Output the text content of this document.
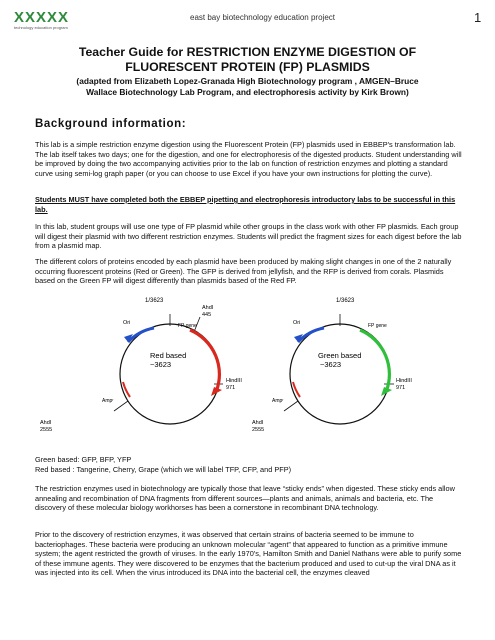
XXXXX
technology education program
east bay biotechnology education project	1
Teacher Guide for RESTRICTION ENZYME DIGESTION OF
FLUORESCENT PROTEIN (FP) PLASMIDS
(adapted from Elizabeth Lopez-Granada High Biotechnology program , AMGEN–Bruce
Wallace Biotechnology Lab Program, and electrophoresis activity by Kirk Brown)
Background information:

This lab is a simple restriction enzyme digestion using the Fluorescent Protein (FP) plasmids used in EBBEP's transformation lab. The lab itself takes two days; one for the digestion, and one for electrophoresis of the digested products. Student understanding will be improved by doing the two accompanying activities prior to the lab on function of restriction enzymes and plotting a standard curve using semi-log graph paper (or you can choose to use Excel if you have your own instructions for plotting the curve).

Students MUST have completed both the EBBEP pipetting and electrophoresis introductory labs to be successful in this lab.

In this lab, student groups will use one type of FP plasmid while other groups in the class work with other FP plasmids. Each group will digest their plasmid with two different restriction enzymes. Students will predict the fragment sizes for each digest before the lab from a plasmid map.

The different colors of proteins encoded by each plasmid have been produced by making slight changes in one of the 2 naturally occurring fluorescent proteins (Red or Green). The GFP is derived from jellyfish, and the RFP is derived from corals. Plasmids based on the Green FP will digest differently than plasmids based of the Red FP.

1/3623
Ori	FP gene
AhdI
445
Red based
~3623
HindIII
971
Ampʳ
AhdI
2555
1/3623
Ori	FP gene
Green based
~3623
HindIII
971
Ampʳ
AhdI
2555

Green based: GFP, BFP, YFP

Red based : Tangerine, Cherry, Grape (which we will label TFP, CFP, and PFP)

The restriction enzymes used in biotechnology are typically those that leave “sticky ends” when digested. These sticky ends allow annealing and recombination of DNA fragments from different sources—plants and animals, animals and bacteria, etc. The discovery of these molecular biology workhorses has been a cornerstone in recombinant DNA technology.

Prior to the discovery of restriction enzymes, it was observed that certain strains of bacteria seemed to be immune to bacteriophages. These bacteria were producing an unknown molecular “agent” that appeared to function as a primitive immune system; the agent restricted the growth of viruses. In the early 1970's, Hamilton Smith and Daniel Nathans were able to purify some of these immune agents. They were discovered to be enzymes that the bacterium produced and used to cut-up the viral DNA as it was injected into its cell. When the virus introduced its DNA into the bacterial cell, the enzymes cleaved
